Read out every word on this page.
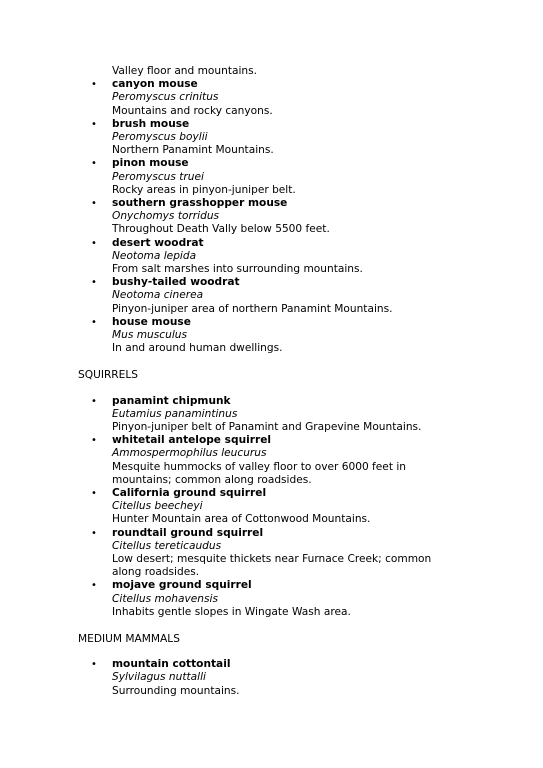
Valley floor and mountains.
• canyon mouse
Peromyscus crinitus
Mountains and rocky canyons.
• brush mouse
Peromyscus boylii
Northern Panamint Mountains.
• pinon mouse
Peromyscus truei
Rocky areas in pinyon-juniper belt.
• southern grasshopper mouse
Onychomys torridus
Throughout Death Vally below 5500 feet.
• desert woodrat
Neotoma lepida
From salt marshes into surrounding mountains.
• bushy-tailed woodrat
Neotoma cinerea
Pinyon-juniper area of northern Panamint Mountains.
• house mouse
Mus musculus
In and around human dwellings.
SQUIRRELS
• panamint chipmunk
Eutamius panamintinus
Pinyon-juniper belt of Panamint and Grapevine Mountains.
• whitetail antelope squirrel
Ammospermophilus leucurus
Mesquite hummocks of valley floor to over 6000 feet in mountains; common along roadsides.
• California ground squirrel
Citellus beecheyi
Hunter Mountain area of Cottonwood Mountains.
• roundtail ground squirrel
Citellus tereticaudus
Low desert; mesquite thickets near Furnace Creek; common along roadsides.
• mojave ground squirrel
Citellus mohavensis
Inhabits gentle slopes in Wingate Wash area.
MEDIUM MAMMALS
• mountain cottontail
Sylvilagus nuttalli
Surrounding mountains.
